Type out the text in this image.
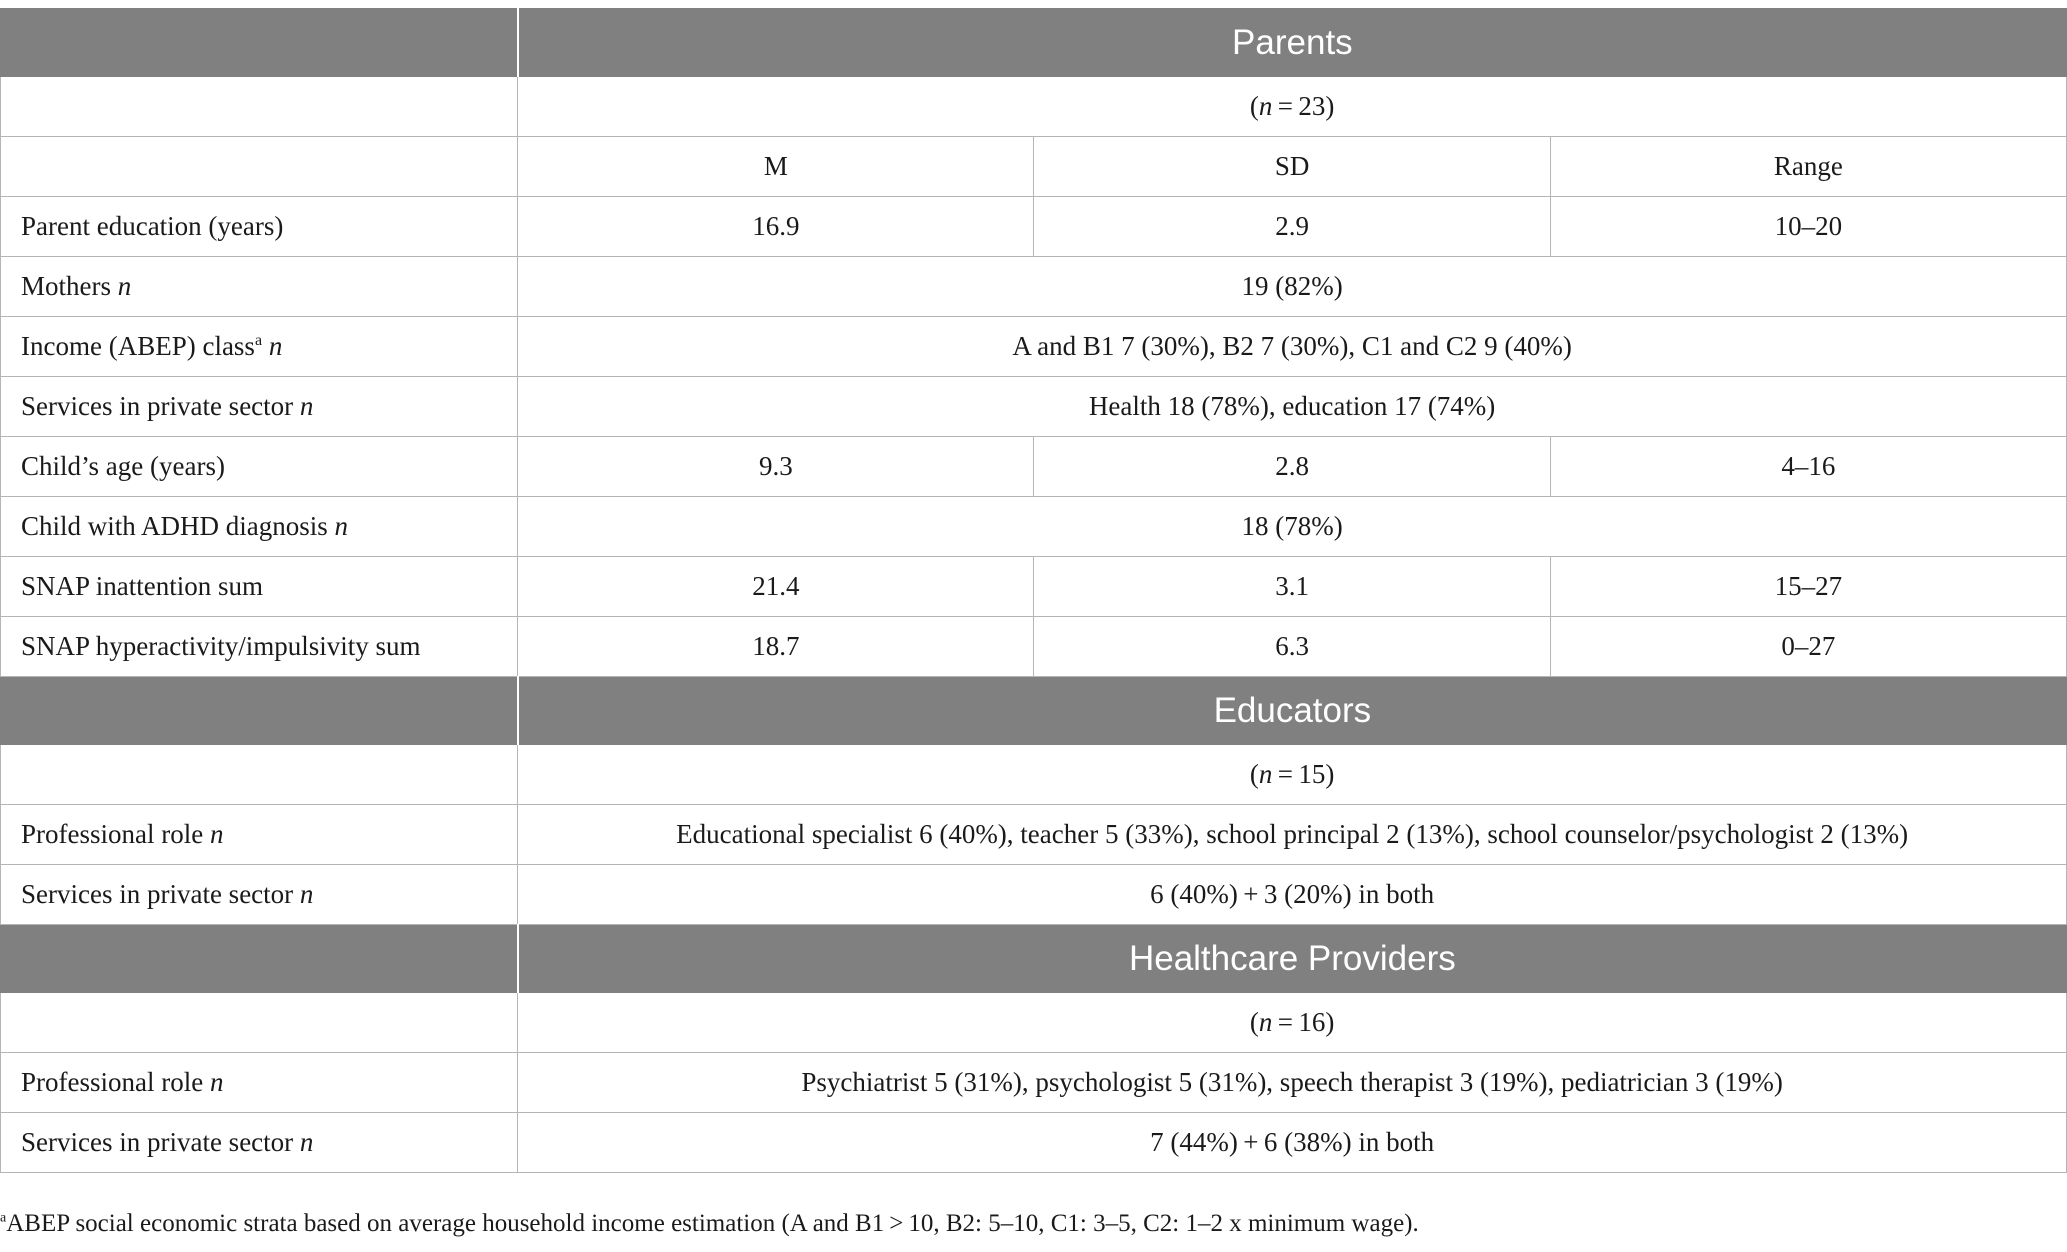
	Parents		
	(n = 23)		
	M	SD	Range
Parent education (years)	16.9	2.9	10–20
Mothers n	19 (82%)		
Income (ABEP) class$^a$ n	A and B1 7 (30%), B2 7 (30%), C1 and C2 9 (40%)		
Services in private sector n	Health 18 (78%), education 17 (74%)		
Child’s age (years)	9.3	2.8	4–16
Child with ADHD diagnosis n	18 (78%)		
SNAP inattention sum	21.4	3.1	15–27
SNAP hyperactivity/impulsivity sum	18.7	6.3	0–27
	Educators		
	(n = 15)		
Professional role n	Educational specialist 6 (40%), teacher 5 (33%), school principal 2 (13%), school counselor/psychologist 2 (13%)		
Services in private sector n	6 (40%) + 3 (20%) in both		
	Healthcare Providers		
	(n = 16)		
Professional role n	Psychiatrist 5 (31%), psychologist 5 (31%), speech therapist 3 (19%), pediatrician 3 (19%)		
Services in private sector n	7 (44%) + 6 (38%) in both		
$^a$ABEP social economic strata based on average household income estimation (A and B1 > 10, B2: 5–10, C1: 3–5, C2: 1–2 x minimum wage).
